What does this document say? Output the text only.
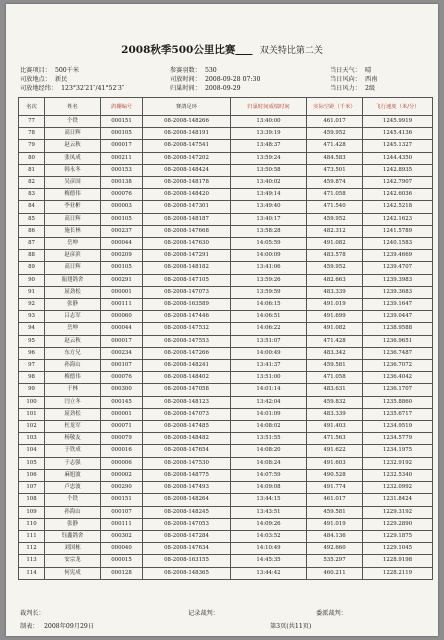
2008秋季500公里比赛	双关特比第二关
比赛项目： 500千米	参赛羽数： 530	当日天气： 晴
司放地点： 新民	司放时间： 2008-09-28 07:30	当日风向： 西南
司放地经纬： 123°32′21″/41°52′3″	归巢时间： 2008-09-29	当日风力： 2级
名次	姓名	鸽棚编号	赛鸽足环	归巢时间成绩时间	实际空距（千米）	飞行速度（米/分）
77	个铁	000151	08-2008-148266	13:40:00	461.017	1245.9919
78	高日辉	000105	08-2008-148191	13:39:19	459.952	1245.4136
79	赵云秋	000017	08-2008-147541	13:48:37	471.428	1245.1327
80	张凤成	000211	08-2008-147202	13:59:24	484.583	1244.4350
81	韩永冬	000153	08-2008-148424	13:50:58	473.501	1242.8935
82	吴彦国	000138	08-2008-148178	13:40:02	459.874	1242.7907
83	梅德伟	000076	08-2008-148420	13:49:14	471.058	1242.6036
84	李业彬	000003	08-2008-147301	13:49:40	471.540	1242.5218
85	高日辉	000105	08-2008-148187	13:40:17	459.952	1242.1623
86	施长林	000237	08-2008-147668	13:58:28	482.312	1241.5789
87	岳坤	000044	08-2008-147630	14:05:59	491.082	1240.1583
88	赵彦滨	000209	08-2008-147291	14:00:09	483.578	1239.4669
89	高日辉	000105	08-2008-148182	13:41:06	459.952	1239.4707
90	振翅鸽舍	000291	08-2008-147105	13:59:26	482.663	1239.3983
91	屈劲松	000001	08-2008-147073	13:59:59	483.339	1239.3683
92	张静	000111	08-2008-163589	14:06:15	491.019	1239.1647
93	吕志军	000060	08-2008-147446	14:06:51	491.699	1239.0447
94	岳坤	000044	08-2008-147532	14:06:22	491.082	1238.9588
95	赵云秋	000017	08-2008-147553	13:51:07	471.428	1236.9651
96	东方兄	000234	08-2008-147266	14:00:49	483.342	1236.7487
97	孙海山	000107	08-2008-148241	13:41:37	459.581	1236.7072
98	梅德伟	000076	08-2008-148402	13:51:00	471.058	1236.4042
99	于林	000300	08-2008-147058	14:01:14	483.631	1236.1707
100	闫立冬	000145	08-2008-148123	13:42:04	459.832	1235.8860
101	屈劲松	000001	08-2008-147073	14:01:09	483.339	1235.6717
102	杜龙军	000071	08-2008-147485	14:08:02	491.403	1234.9519
103	杨敬友	000079	08-2008-148482	13:51:55	471.563	1234.5779
104	于铁成	000016	08-2008-147654	14:08:20	491.622	1234.1975
105	于志强	000006	08-2008-147530	14:08:24	491.603	1232.9192
106	麻旭波	000002	08-2008-148775	14:07:59	490.528	1232.5340
107	卢忠波	000290	08-2008-147493	14:09:08	491.774	1232.0992
108	个铁	000151	08-2008-148264	13:44:15	461.017	1231.8424
109	孙海山	000107	08-2008-148245	13:43:51	459.581	1229.3192
110	张静	000111	08-2008-147053	14:09:26	491.019	1229.2890
111	钰鑫鸽舍	000302	08-2008-147284	14:03:52	484.136	1229.1875
112	刘国栋	000040	08-2008-147634	14:10:49	492.660	1229.1045
113	安宗龙	000015	08-2008-163155	14:45:35	535.297	1228.9198
114	何宪成	000128	08-2008-148365	13:44:42	460.211	1228.2119
裁判长：	记录裁判：	委派裁判：
制表： 2008年09月29日	第3页(共11页)
